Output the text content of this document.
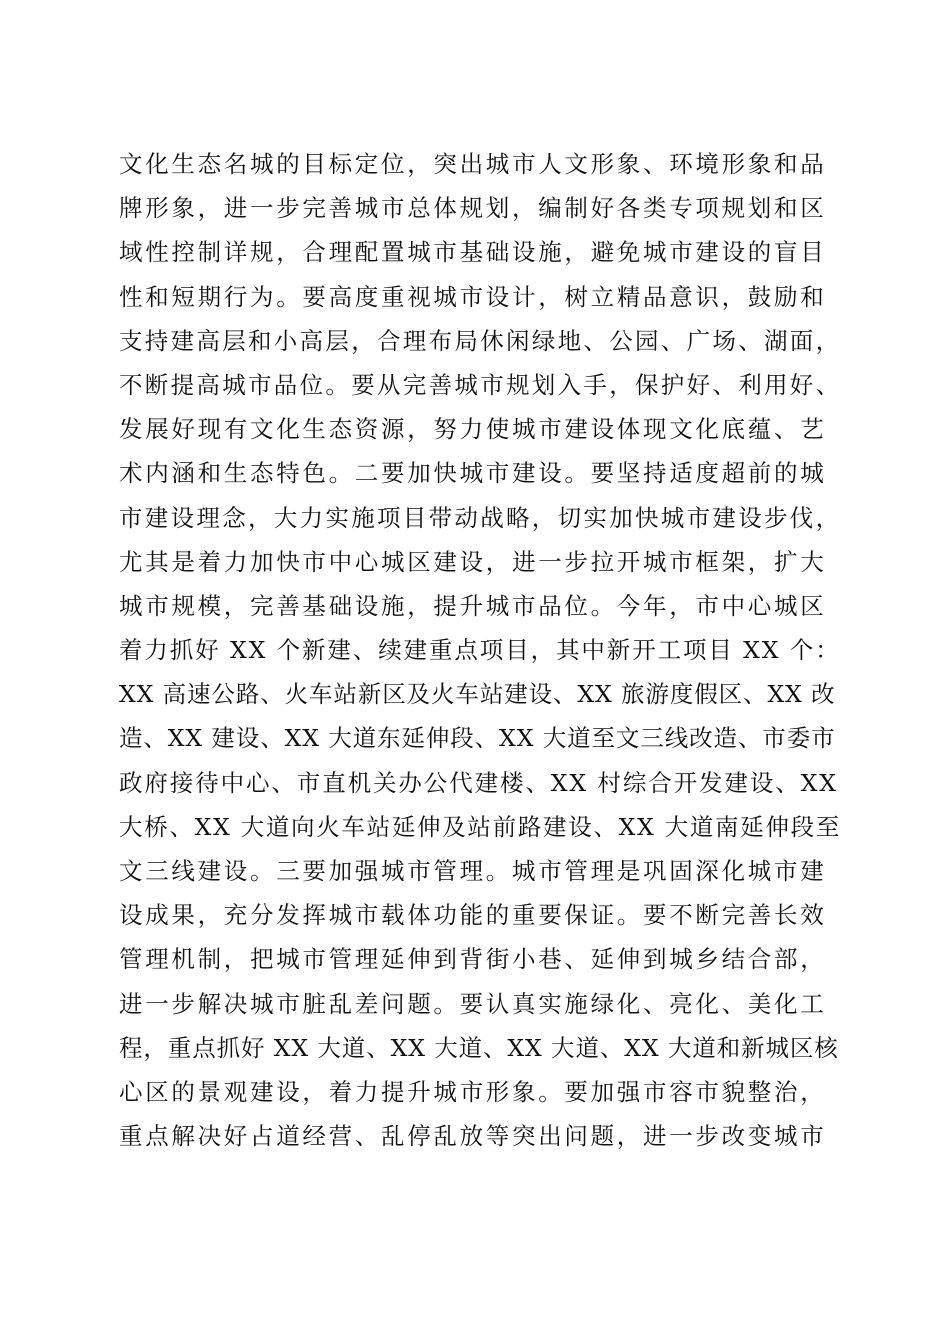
文化生态名城的目标定位，突出城市人文形象、环境形象和品
牌形象，进一步完善城市总体规划，编制好各类专项规划和区
域性控制详规，合理配置城市基础设施，避免城市建设的盲目
性和短期行为。要高度重视城市设计，树立精品意识，鼓励和
支持建高层和小高层，合理布局休闲绿地、公园、广场、湖面，
不断提高城市品位。要从完善城市规划入手，保护好、利用好、
发展好现有文化生态资源，努力使城市建设体现文化底蕴、艺
术内涵和生态特色。二要加快城市建设。要坚持适度超前的城
市建设理念，大力实施项目带动战略，切实加快城市建设步伐，
尤其是着力加快市中心城区建设，进一步拉开城市框架，扩大
城市规模，完善基础设施，提升城市品位。今年，市中心城区
着力抓好 XX 个新建、续建重点项目，其中新开工项目 XX 个：
XX 高速公路、火车站新区及火车站建设、XX 旅游度假区、XX 改
造、XX 建设、XX 大道东延伸段、XX 大道至文三线改造、市委市
政府接待中心、市直机关办公代建楼、XX 村综合开发建设、XX
大桥、XX 大道向火车站延伸及站前路建设、XX 大道南延伸段至
文三线建设。三要加强城市管理。城市管理是巩固深化城市建
设成果，充分发挥城市载体功能的重要保证。要不断完善长效
管理机制，把城市管理延伸到背街小巷、延伸到城乡结合部，
进一步解决城市脏乱差问题。要认真实施绿化、亮化、美化工
程，重点抓好 XX 大道、XX 大道、XX 大道、XX 大道和新城区核
心区的景观建设，着力提升城市形象。要加强市容市貌整治，
重点解决好占道经营、乱停乱放等突出问题，进一步改变城市
